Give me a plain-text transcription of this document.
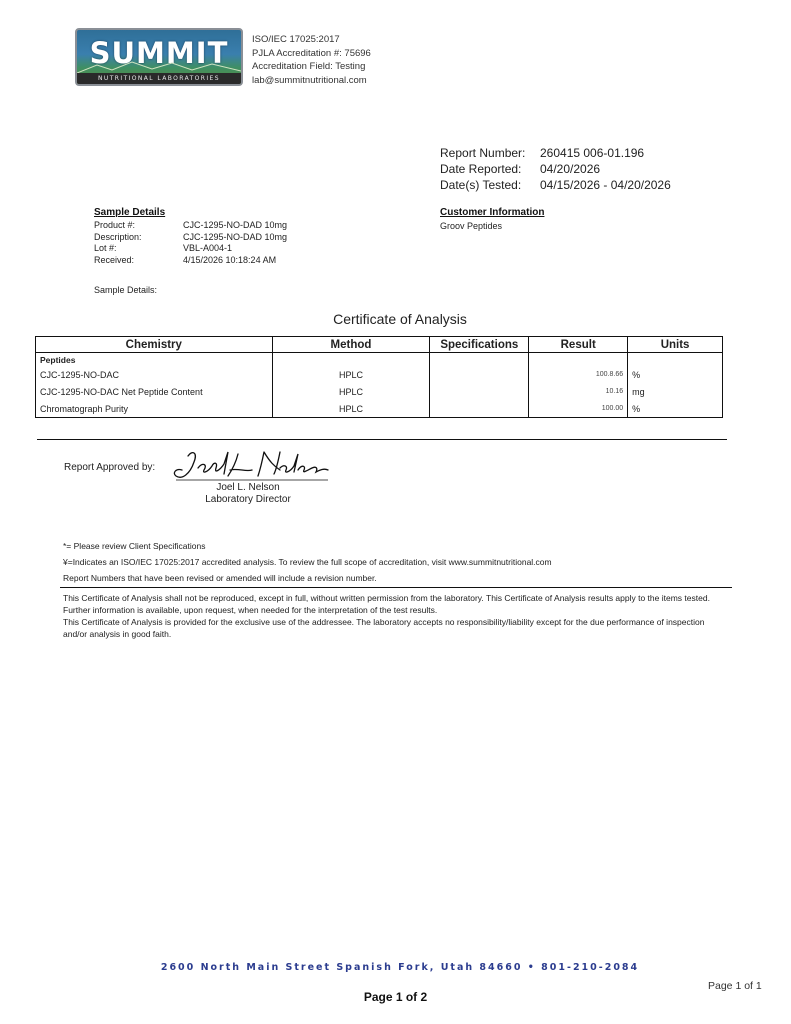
SUMMIT
NUTRITIONAL LABORATORIES
ISO/IEC 17025:2017
PJLA Accreditation #: 75696
Accreditation Field: Testing
lab@summitnutritional.com
Report Number:	260415 006-01.196
Date Reported:	04/20/2026
Date(s) Tested:	04/15/2026 - 04/20/2026
Sample Details
Product #:	CJC-1295-NO-DAD 10mg
Description:	CJC-1295-NO-DAD 10mg
Lot #:	VBL-A004-1
Received:	4/15/2026 10:18:24 AM
Sample Details:
Customer Information
Groov Peptides
Certificate of Analysis
Chemistry	Method	Specifications	Result	Units
Peptides				
CJC-1295-NO-DAC	HPLC		100.8.66	%
CJC-1295-NO-DAC Net Peptide Content	HPLC		10.16	mg
Chromatograph Purity	HPLC		100.00	%
Report Approved by:
Joel L. Nelson
Laboratory Director
*= Please review Client Specifications
¥=Indicates an ISO/IEC 17025:2017 accredited analysis. To review the full scope of accreditation, visit www.summitnutritional.com
Report Numbers that have been revised or amended will include a revision number.
This Certificate of Analysis shall not be reproduced, except in full, without written permission from the laboratory. This Certificate of Analysis results apply to the items tested. Further information is available, upon request, when needed for the interpretation of the test results.
This Certificate of Analysis is provided for the exclusive use of the addressee. The laboratory accepts no responsibility/liability except for the due performance of inspection and/or analysis in good faith.
2600 North Main Street Spanish Fork, Utah 84660 • 801-210-2084
Page 1 of 1
Page 1 of 2
